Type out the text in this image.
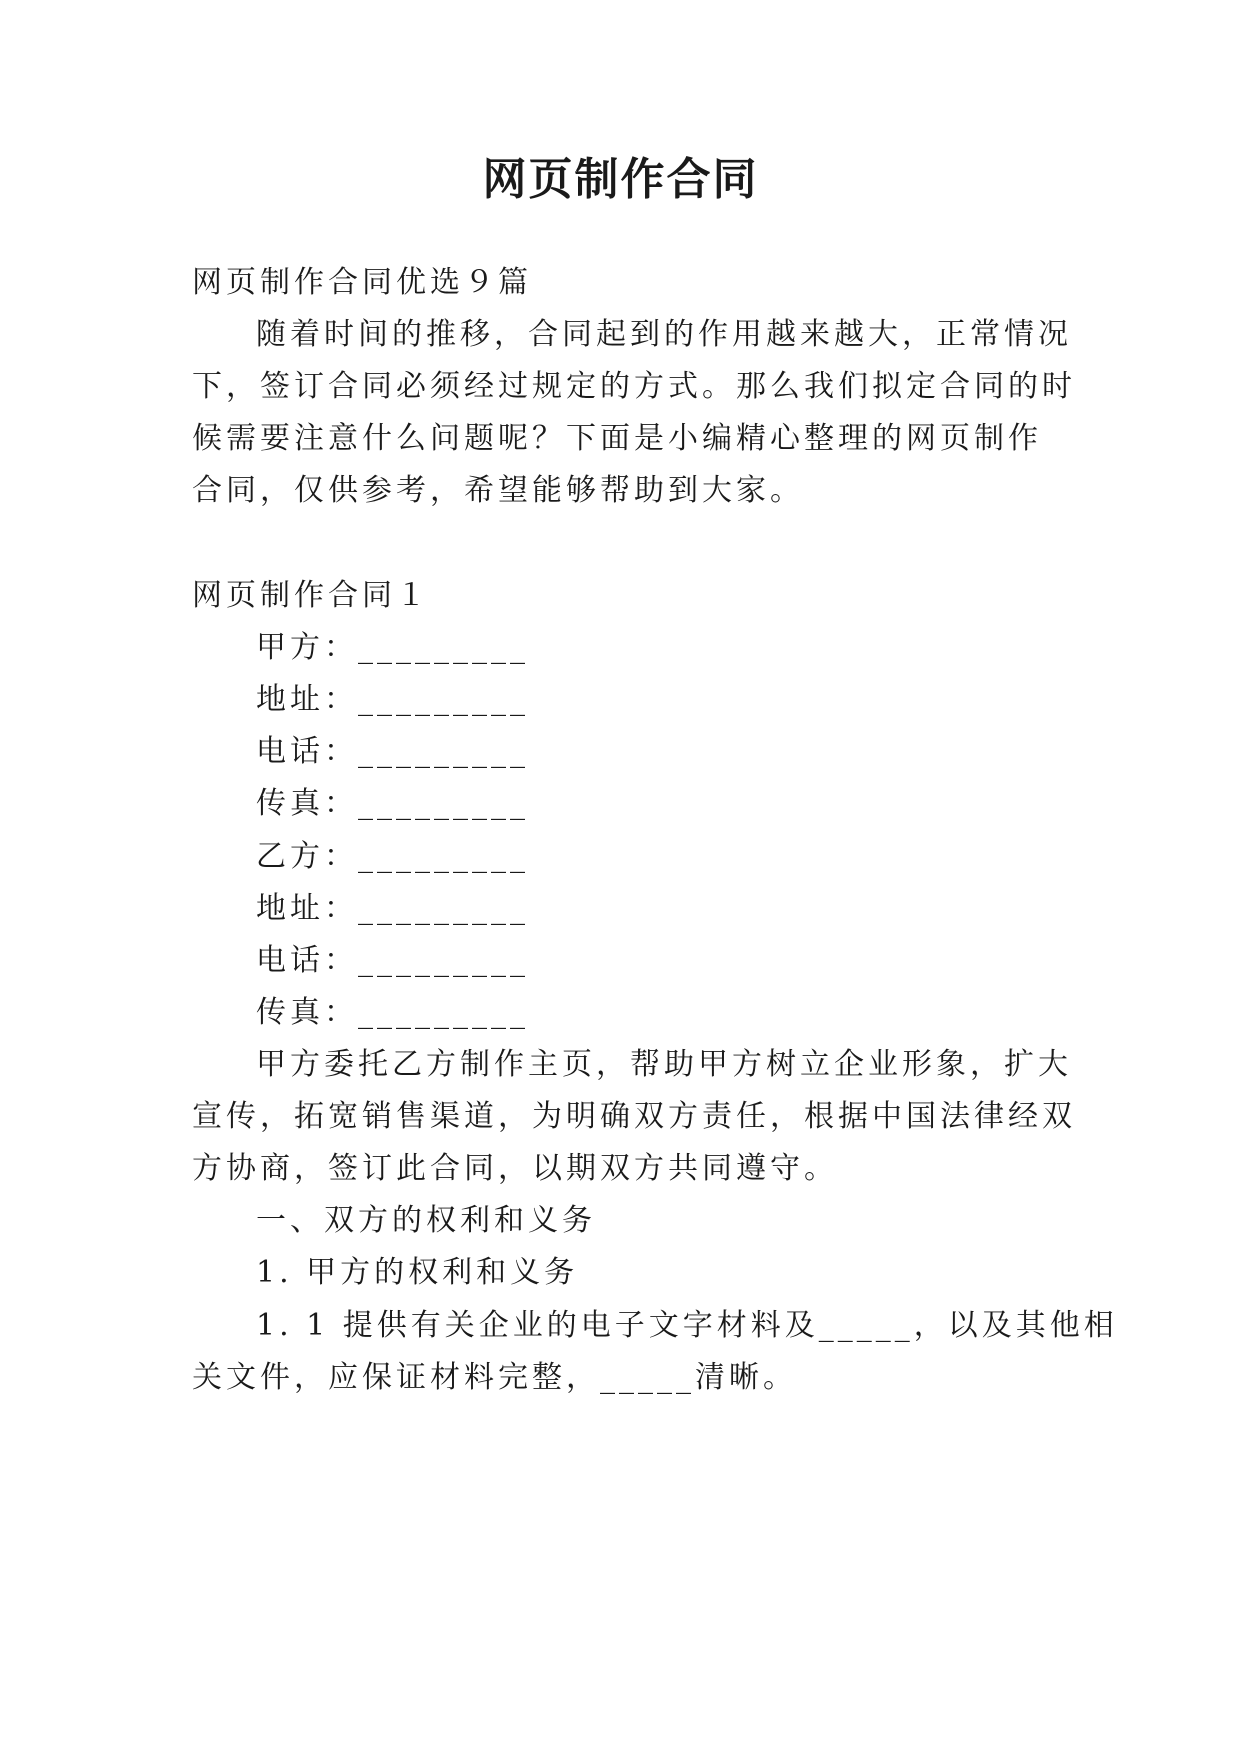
网页制作合同
网页制作合同优选９篇
随着时间的推移，合同起到的作用越来越大，正常情况
下，签订合同必须经过规定的方式。那么我们拟定合同的时
候需要注意什么问题呢？下面是小编精心整理的网页制作
合同，仅供参考，希望能够帮助到大家。
网页制作合同１
甲方：_________
地址：_________
电话：_________
传真：_________
乙方：_________
地址：_________
电话：_________
传真：_________
甲方委托乙方制作主页，帮助甲方树立企业形象，扩大
宣传，拓宽销售渠道，为明确双方责任，根据中国法律经双
方协商，签订此合同，以期双方共同遵守。
一、双方的权利和义务
1. 甲方的权利和义务
1. 1 提供有关企业的电子文字材料及_____，以及其他相
关文件，应保证材料完整，_____清晰。
